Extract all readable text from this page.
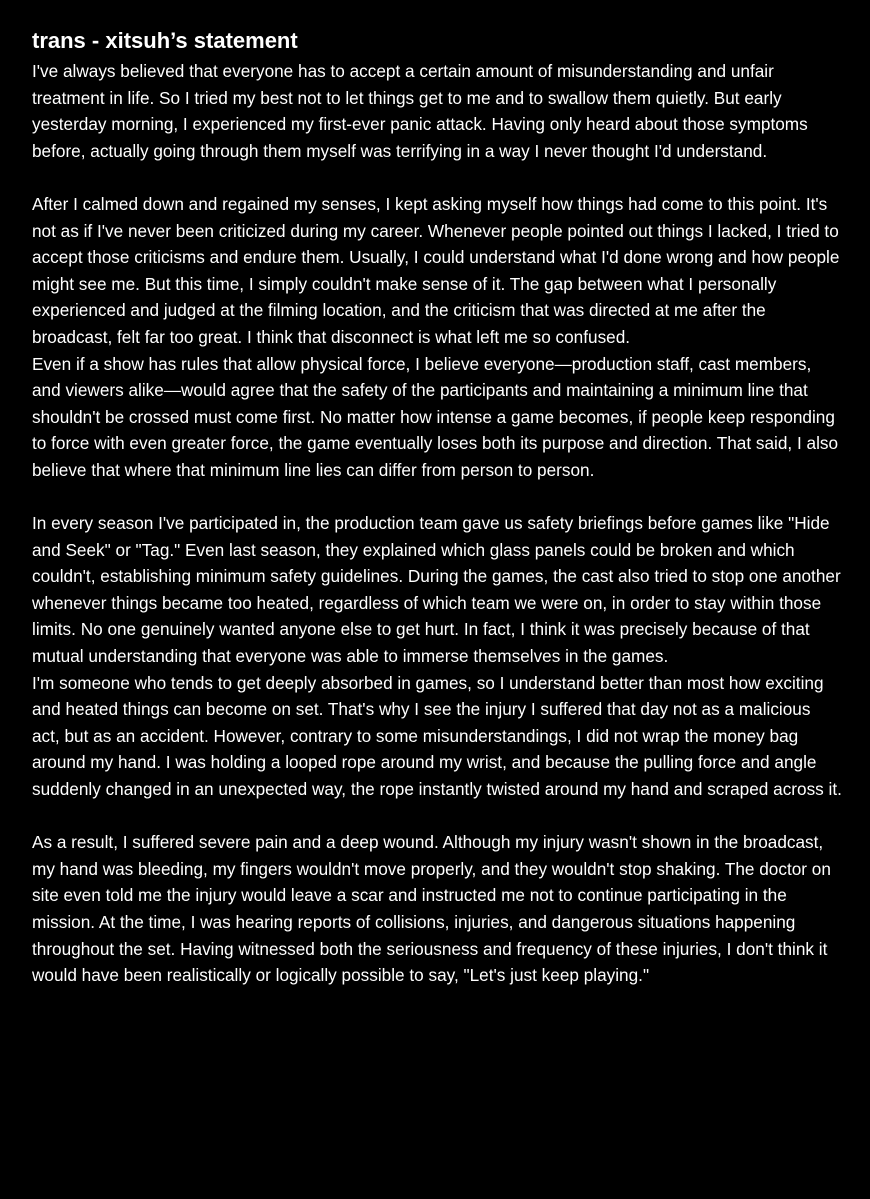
trans - xitsuh’s statement

I've always believed that everyone has to accept a certain amount of misunderstanding and unfair treatment in life. So I tried my best not to let things get to me and to swallow them quietly. But early yesterday morning, I experienced my first-ever panic attack. Having only heard about those symptoms before, actually going through them myself was terrifying in a way I never thought I'd understand.

After I calmed down and regained my senses, I kept asking myself how things had come to this point. It's not as if I've never been criticized during my career. Whenever people pointed out things I lacked, I tried to accept those criticisms and endure them. Usually, I could understand what I'd done wrong and how people might see me. But this time, I simply couldn't make sense of it. The gap between what I personally experienced and judged at the filming location, and the criticism that was directed at me after the broadcast, felt far too great. I think that disconnect is what left me so confused.

Even if a show has rules that allow physical force, I believe everyone—production staff, cast members, and viewers alike—would agree that the safety of the participants and maintaining a minimum line that shouldn't be crossed must come first. No matter how intense a game becomes, if people keep responding to force with even greater force, the game eventually loses both its purpose and direction. That said, I also believe that where that minimum line lies can differ from person to person.

In every season I've participated in, the production team gave us safety briefings before games like "Hide and Seek" or "Tag." Even last season, they explained which glass panels could be broken and which couldn't, establishing minimum safety guidelines. During the games, the cast also tried to stop one another whenever things became too heated, regardless of which team we were on, in order to stay within those limits. No one genuinely wanted anyone else to get hurt. In fact, I think it was precisely because of that mutual understanding that everyone was able to immerse themselves in the games.

I'm someone who tends to get deeply absorbed in games, so I understand better than most how exciting and heated things can become on set. That's why I see the injury I suffered that day not as a malicious act, but as an accident. However, contrary to some misunderstandings, I did not wrap the money bag around my hand. I was holding a looped rope around my wrist, and because the pulling force and angle suddenly changed in an unexpected way, the rope instantly twisted around my hand and scraped across it.

As a result, I suffered severe pain and a deep wound. Although my injury wasn't shown in the broadcast, my hand was bleeding, my fingers wouldn't move properly, and they wouldn't stop shaking. The doctor on site even told me the injury would leave a scar and instructed me not to continue participating in the mission. At the time, I was hearing reports of collisions, injuries, and dangerous situations happening throughout the set. Having witnessed both the seriousness and frequency of these injuries, I don't think it would have been realistically or logically possible to say, "Let's just keep playing."
